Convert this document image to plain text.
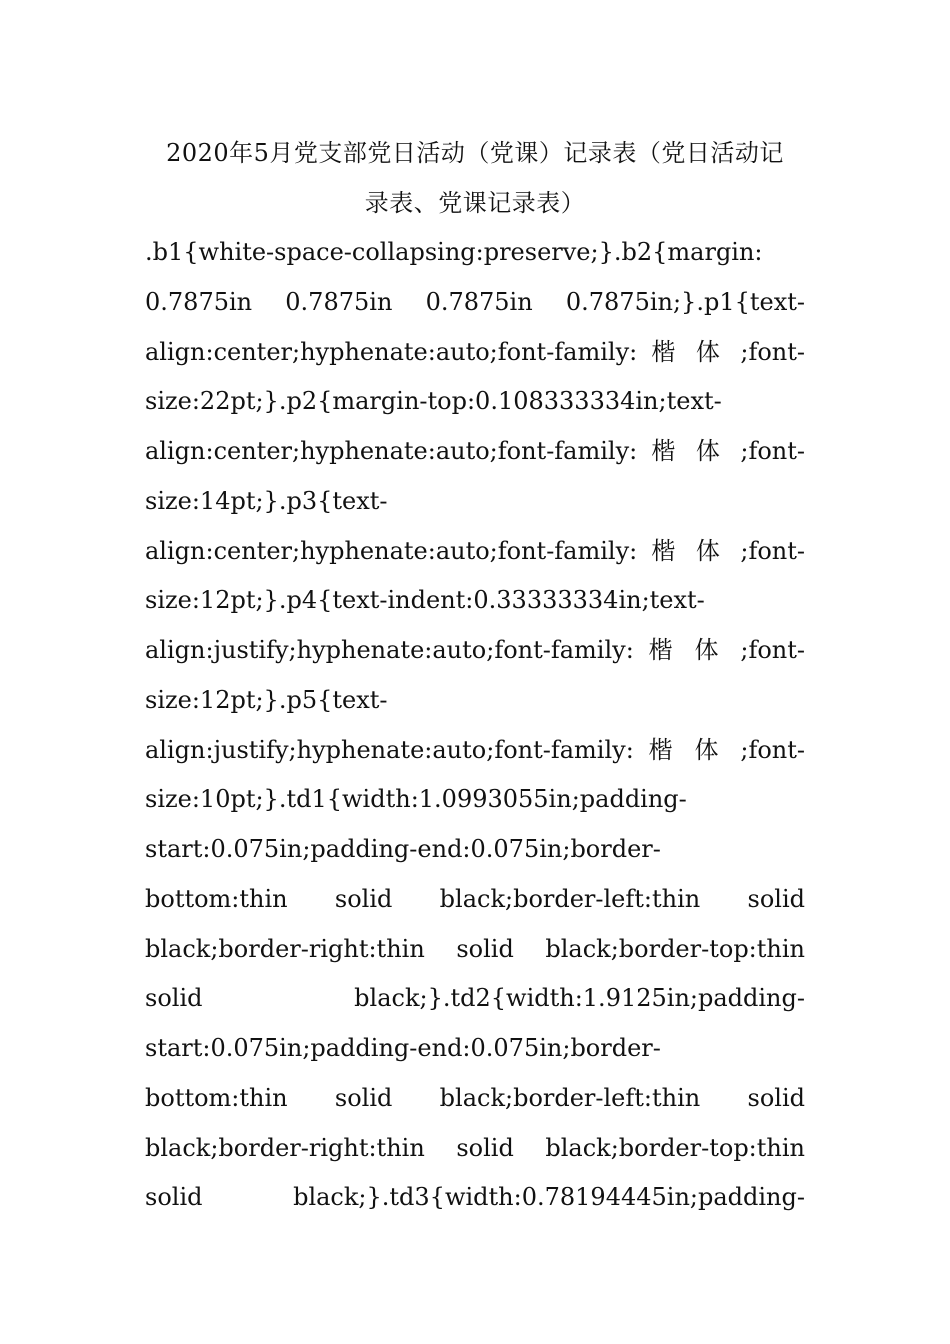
2020年5月党支部党日活动（党课）记录表（党日活动记
录表、党课记录表）

.b1{white-space-collapsing:preserve;}.b2{margin:
0.7875in 0.7875in 0.7875in 0.7875in;}.p1{text-
align:center;hyphenate:auto;font-family: 楷 体 ;font-
size:22pt;}.p2{margin-top:0.108333334in;text-
align:center;hyphenate:auto;font-family: 楷 体 ;font-
size:14pt;}.p3{text-
align:center;hyphenate:auto;font-family: 楷 体 ;font-
size:12pt;}.p4{text-indent:0.33333334in;text-
align:justify;hyphenate:auto;font-family: 楷 体 ;font-
size:12pt;}.p5{text-
align:justify;hyphenate:auto;font-family: 楷 体 ;font-
size:10pt;}.td1{width:1.0993055in;padding-
start:0.075in;padding-end:0.075in;border-
bottom:thin solid black;border-left:thin solid
black;border-right:thin solid black;border-top:thin
solid black;}.td2{width:1.9125in;padding-
start:0.075in;padding-end:0.075in;border-
bottom:thin solid black;border-left:thin solid
black;border-right:thin solid black;border-top:thin
solid black;}.td3{width:0.78194445in;padding-
